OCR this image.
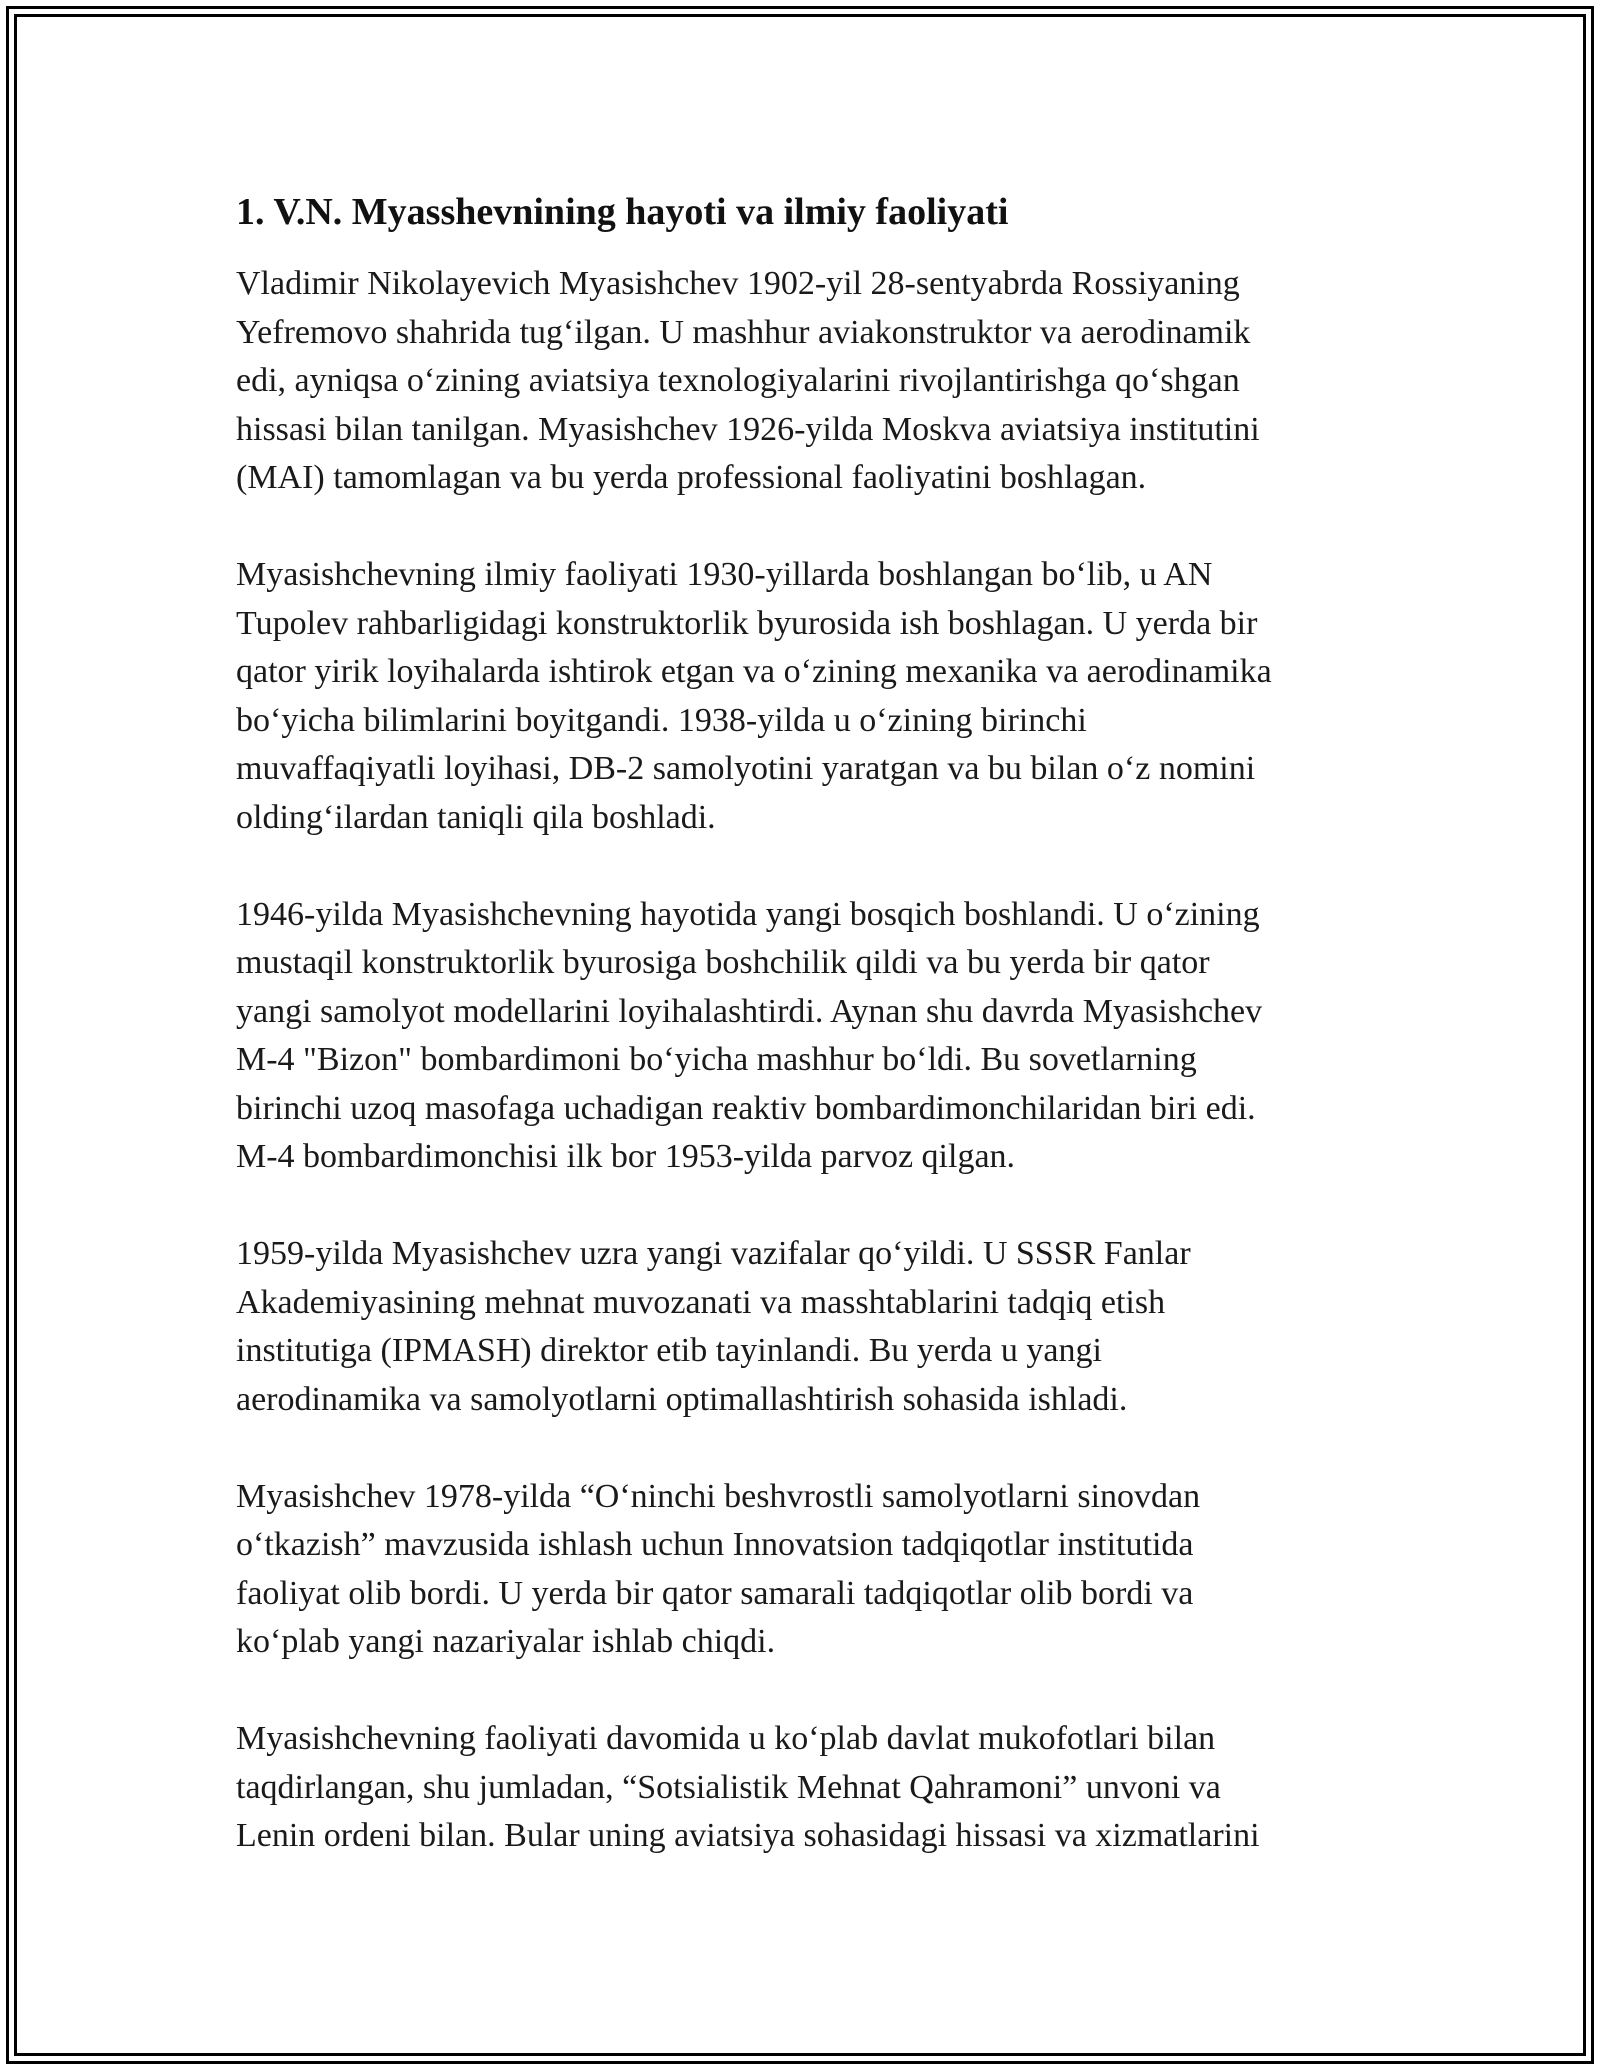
1. V.N. Myasshevnining hayoti va ilmiy faoliyati

Vladimir Nikolayevich Myasishchev 1902-yil 28-sentyabrda Rossiyaning
Yefremovo shahrida tug‘ilgan. U mashhur aviakonstruktor va aerodinamik
edi, ayniqsa o‘zining aviatsiya texnologiyalarini rivojlantirishga qo‘shgan
hissasi bilan tanilgan. Myasishchev 1926-yilda Moskva aviatsiya institutini
(MAI) tamomlagan va bu yerda professional faoliyatini boshlagan.

Myasishchevning ilmiy faoliyati 1930-yillarda boshlangan bo‘lib, u AN
Tupolev rahbarligidagi konstruktorlik byurosida ish boshlagan. U yerda bir
qator yirik loyihalarda ishtirok etgan va o‘zining mexanika va aerodinamika
bo‘yicha bilimlarini boyitgandi. 1938-yilda u o‘zining birinchi
muvaffaqiyatli loyihasi, DB-2 samolyotini yaratgan va bu bilan o‘z nomini
olding‘ilardan taniqli qila boshladi.

1946-yilda Myasishchevning hayotida yangi bosqich boshlandi. U o‘zining
mustaqil konstruktorlik byurosiga boshchilik qildi va bu yerda bir qator
yangi samolyot modellarini loyihalashtirdi. Aynan shu davrda Myasishchev
M-4 "Bizon" bombardimoni bo‘yicha mashhur bo‘ldi. Bu sovetlarning
birinchi uzoq masofaga uchadigan reaktiv bombardimonchilaridan biri edi.
M-4 bombardimonchisi ilk bor 1953-yilda parvoz qilgan.

1959-yilda Myasishchev uzra yangi vazifalar qo‘yildi. U SSSR Fanlar
Akademiyasining mehnat muvozanati va masshtablarini tadqiq etish
institutiga (IPMASH) direktor etib tayinlandi. Bu yerda u yangi
aerodinamika va samolyotlarni optimallashtirish sohasida ishladi.

Myasishchev 1978-yilda “O‘ninchi beshvrostli samolyotlarni sinovdan
o‘tkazish” mavzusida ishlash uchun Innovatsion tadqiqotlar institutida
faoliyat olib bordi. U yerda bir qator samarali tadqiqotlar olib bordi va
ko‘plab yangi nazariyalar ishlab chiqdi.

Myasishchevning faoliyati davomida u ko‘plab davlat mukofotlari bilan
taqdirlangan, shu jumladan, “Sotsialistik Mehnat Qahramoni” unvoni va
Lenin ordeni bilan. Bular uning aviatsiya sohasidagi hissasi va xizmatlarini
